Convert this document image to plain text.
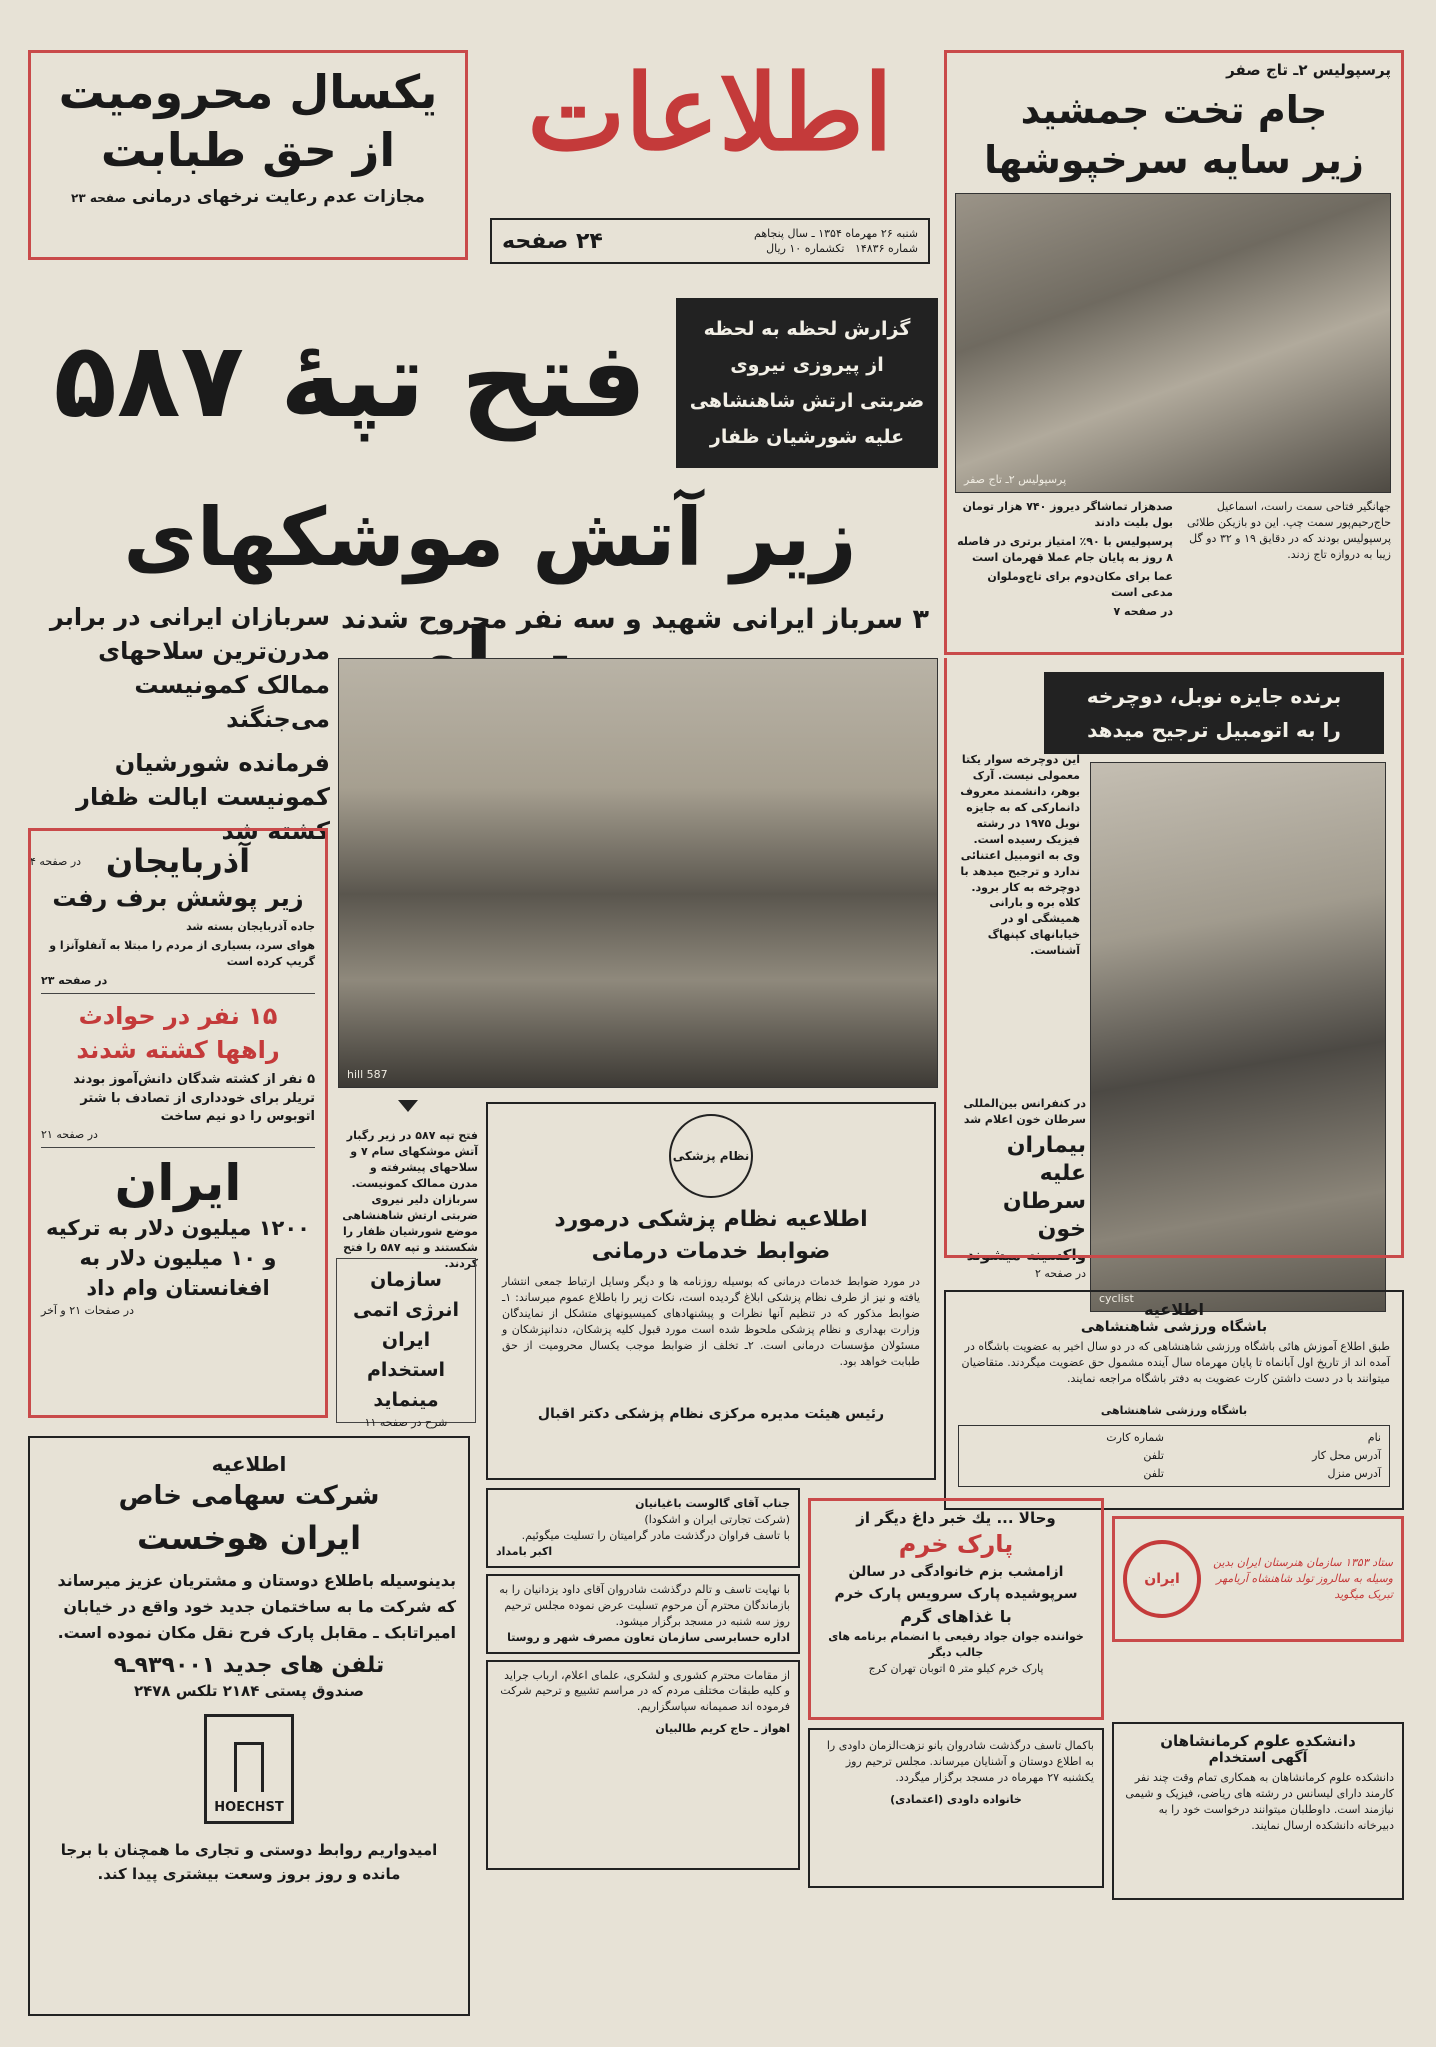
یکسال محرومیت
از حق طبابت
مجازات عدم رعایت نرخهای درمانی صفحه ۲۳
اطلاعات
شنبه ۲۶ مهرماه ۱۳۵۴ ـ سال پنجاهم
شماره ۱۴۸۳۶   تکشماره ۱۰ ریال
۲۴ صفحه
پرسپولیس ۲ـ تاج صفر
جام تخت جمشید
زیر سایه سرخپوشها
پرسپولیس ۲ـ تاج صفر
جهانگیر فتاحی سمت راست، اسماعیل حاج‌رحیم‌پور سمت چپ. این دو بازیکن طلائی پرسپولیس بودند که در دقایق ۱۹ و ۳۲ دو گل زیبا به دروازه تاج زدند.
صدهزار تماشاگر دیروز ۷۴۰ هزار تومان بول بلیت دادند
پرسپولیس با ۹۰٪ امتیاز برتری در فاصله ۸ روز به پایان جام عملا قهرمان است
عما برای مکان‌دوم برای تاج‌وملوان مدعی است
در صفحه ۷
گزارش لحظه به لحظه
از پیروزی نیروی
ضربتی ارتش شاهنشاهی
علیه شورشیان ظفار
فتح تپهٔ ۵۸۷
زیر آتش موشکهای
۳ سرباز ایرانی شهید و سه نفر مجروح شدند
سربازان ایرانی در برابر مدرن‌ترین سلاحهای ممالک کمونیست می‌جنگند
فرمانده شورشیان کمونیست ایالت ظفار کشته شد
در صفحه ۴
hill 587
فتح تپه ۵۸۷ در زیر رگبار آتش موشکهای سام ۷ و سلاحهای پیشرفته و مدرن ممالک کمونیست. سربازان دلیر نیروی ضربتی ارتش شاهنشاهی موضع شورشیان ظفار را شکستند و تپه ۵۸۷ را فتح کردند.
برنده جایزه نوبل، دوچرخه
را به اتومبیل ترجیح میدهد
این دوچرخه سوار یکتا معمولی نیست. آرک بوهر، دانشمند معروف دانمارکی که به جایزه نوبل ۱۹۷۵ در رشته فیزیک رسیده است. وی به اتومبیل اعتنائی ندارد و ترجیح میدهد با دوچرخه به کار برود. کلاه بره و بارانی همیشگی او در خیابانهای کپنهاگ آشناست.
cyclist
در کنفرانس بین‌المللی سرطان خون اعلام شد
بیماران
علیه سرطان
خون
واکسینه میشوند
در صفحه ۲
آذربایجان
زیر پوشش برف رفت
جاده آذربایجان بسته شد
هوای سرد، بسیاری از مردم را مبتلا به آنفلوآنزا و گریپ کرده است
در صفحه ۲۳
۱۵ نفر در حوادث
راهها کشته شدند
۵ نفر از کشته شدگان دانش‌آموز بودند
تریلر برای خودداری از تصادف با شتر اتوبوس را دو نیم ساخت
در صفحه ۲۱
ایران
۱۲۰۰ میلیون دلار به ترکیه
و ۱۰ میلیون دلار به
افغانستان وام داد
در صفحات ۲۱ و آخر
سازمان
انرژی اتمی
ایران استخدام
مینماید
شرح در صفحه ۱۱
نظام پزشکی
اطلاعیه نظام پزشکی درمورد
ضوابط خدمات درمانی
در مورد ضوابط خدمات درمانی که بوسیله روزنامه ها و دیگر وسایل ارتباط جمعی انتشار یافته و نیز از طرف نظام پزشکی ابلاغ گردیده است، نکات زیر را باطلاع عموم میرساند: ۱ـ ضوابط مذکور که در تنظیم آنها نظرات و پیشنهادهای کمیسیونهای متشکل از نمایندگان وزارت بهداری و نظام پزشکی ملحوظ شده است مورد قبول کلیه پزشکان، دندانپزشکان و مسئولان مؤسسات درمانی است. ۲ـ تخلف از ضوابط موجب یکسال محرومیت از حق طبابت خواهد بود.
رئیس هیئت مدیره مرکزی نظام پزشکی دکتر اقبال
اطلاعیه
باشگاه ورزشی شاهنشاهی
طبق اطلاع آموزش هائی باشگاه ورزشی شاهنشاهی که در دو سال اخیر به عضویت باشگاه در آمده اند از تاریخ اول آبانماه تا پایان مهرماه سال آینده مشمول حق عضویت میگردند. متقاضیان میتوانند با در دست داشتن کارت عضویت به دفتر باشگاه مراجعه نمایند.
باشگاه ورزشی شاهنشاهی
نام
شماره کارت
آدرس محل کار
تلفن
آدرس منزل
تلفن
اطلاعیه
شرکت سهامی خاص
ایران هوخست
بدینوسیله باطلاع دوستان و مشتریان عزیز میرساند که شرکت ما به ساختمان جدید خود واقع در خیابان امیراتابک ـ مقابل پارک فرح نقل مکان نموده است.
تلفن های جدید ۹۳۹۰۰۱ـ۹
صندوق پستی ۲۱۸۴ تلکس ۲۴۷۸
HOECHST
امیدواریم روابط دوستی و تجاری ما همچنان با برجا مانده و روز بروز وسعت بیشتری پیدا کند.
جناب آقای گالوست باغیانیان
(شرکت تجارتی ایران و اشکودا)
با تاسف فراوان درگذشت مادر گرامیتان را تسلیت میگوئیم.
اکبر بامداد
با نهایت تاسف و تالم درگذشت شادروان آقای داود یزدانیان را به بازماندگان محترم آن مرحوم تسلیت عرض نموده مجلس ترحیم روز سه شنبه در مسجد برگزار میشود.
اداره حسابرسی سازمان تعاون مصرف شهر و روستا
از مقامات محترم کشوری و لشکری، علمای اعلام، ارباب جراید و کلیه طبقات مختلف مردم که در مراسم تشییع و ترحیم شرکت فرموده اند صمیمانه سپاسگزاریم.
اهواز ـ حاج کریم طالبیان
وحالا ... یك خبر داغ دیگر از
پارک خرم
ازامشب بزم خانوادگی در سالن
سرپوشیده پارک سرویس پارک خرم
با غذاهای گرم
خواننده جوان جواد رفیعی با انضمام برنامه های جالب دیگر
پارک خرم کیلو متر ۵ اتوبان تهران کرج
ستاد ۱۳۵۳ سازمان هنرستان ایران بدین وسیله به سالروز تولد شاهنشاه آریامهر تبریک میگوید
ایران
دانشکده علوم کرمانشاهان
آگهی استخدام
دانشکده علوم کرمانشاهان به همکاری تمام وقت چند نفر کارمند دارای لیسانس در رشته های ریاضی، فیزیک و شیمی نیازمند است. داوطلبان میتوانند درخواست خود را به دبیرخانه دانشکده ارسال نمایند.
باکمال تاسف درگذشت شادروان بانو نزهت‌الزمان داودی را به اطلاع دوستان و آشنایان میرساند. مجلس ترحیم روز یکشنبه ۲۷ مهرماه در مسجد برگزار میگردد.
خانواده داودی (اعتمادی)
